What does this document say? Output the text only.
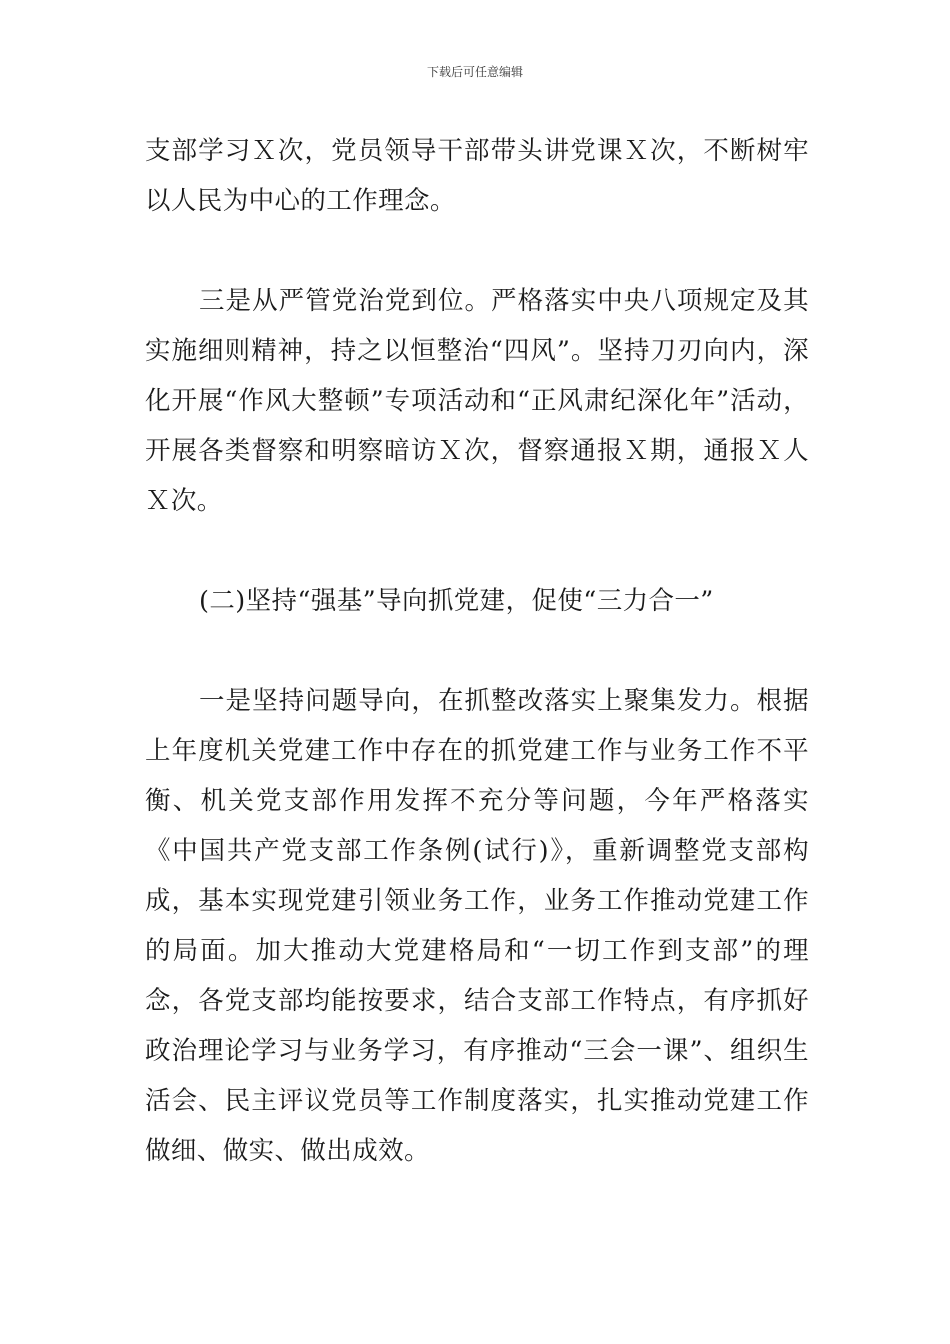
下载后可任意编辑

支部学习Ｘ次，党员领导干部带头讲党课Ｘ次，不断树牢以人民为中心的工作理念。

三是从严管党治党到位。严格落实中央八项规定及其实施细则精神，持之以恒整治“四风”。坚持刀刃向内，深化开展“作风大整顿”专项活动和“正风肃纪深化年”活动，开展各类督察和明察暗访Ｘ次，督察通报Ｘ期，通报Ｘ人Ｘ次。

(二)坚持“强基”导向抓党建，促使“三力合一”

一是坚持问题导向，在抓整改落实上聚集发力。根据上年度机关党建工作中存在的抓党建工作与业务工作不平衡、机关党支部作用发挥不充分等问题，今年严格落实《中国共产党支部工作条例(试行)》，重新调整党支部构成，基本实现党建引领业务工作，业务工作推动党建工作的局面。加大推动大党建格局和“一切工作到支部”的理念，各党支部均能按要求，结合支部工作特点，有序抓好政治理论学习与业务学习，有序推动“三会一课”、组织生活会、民主评议党员等工作制度落实，扎实推动党建工作做细、做实、做出成效。
